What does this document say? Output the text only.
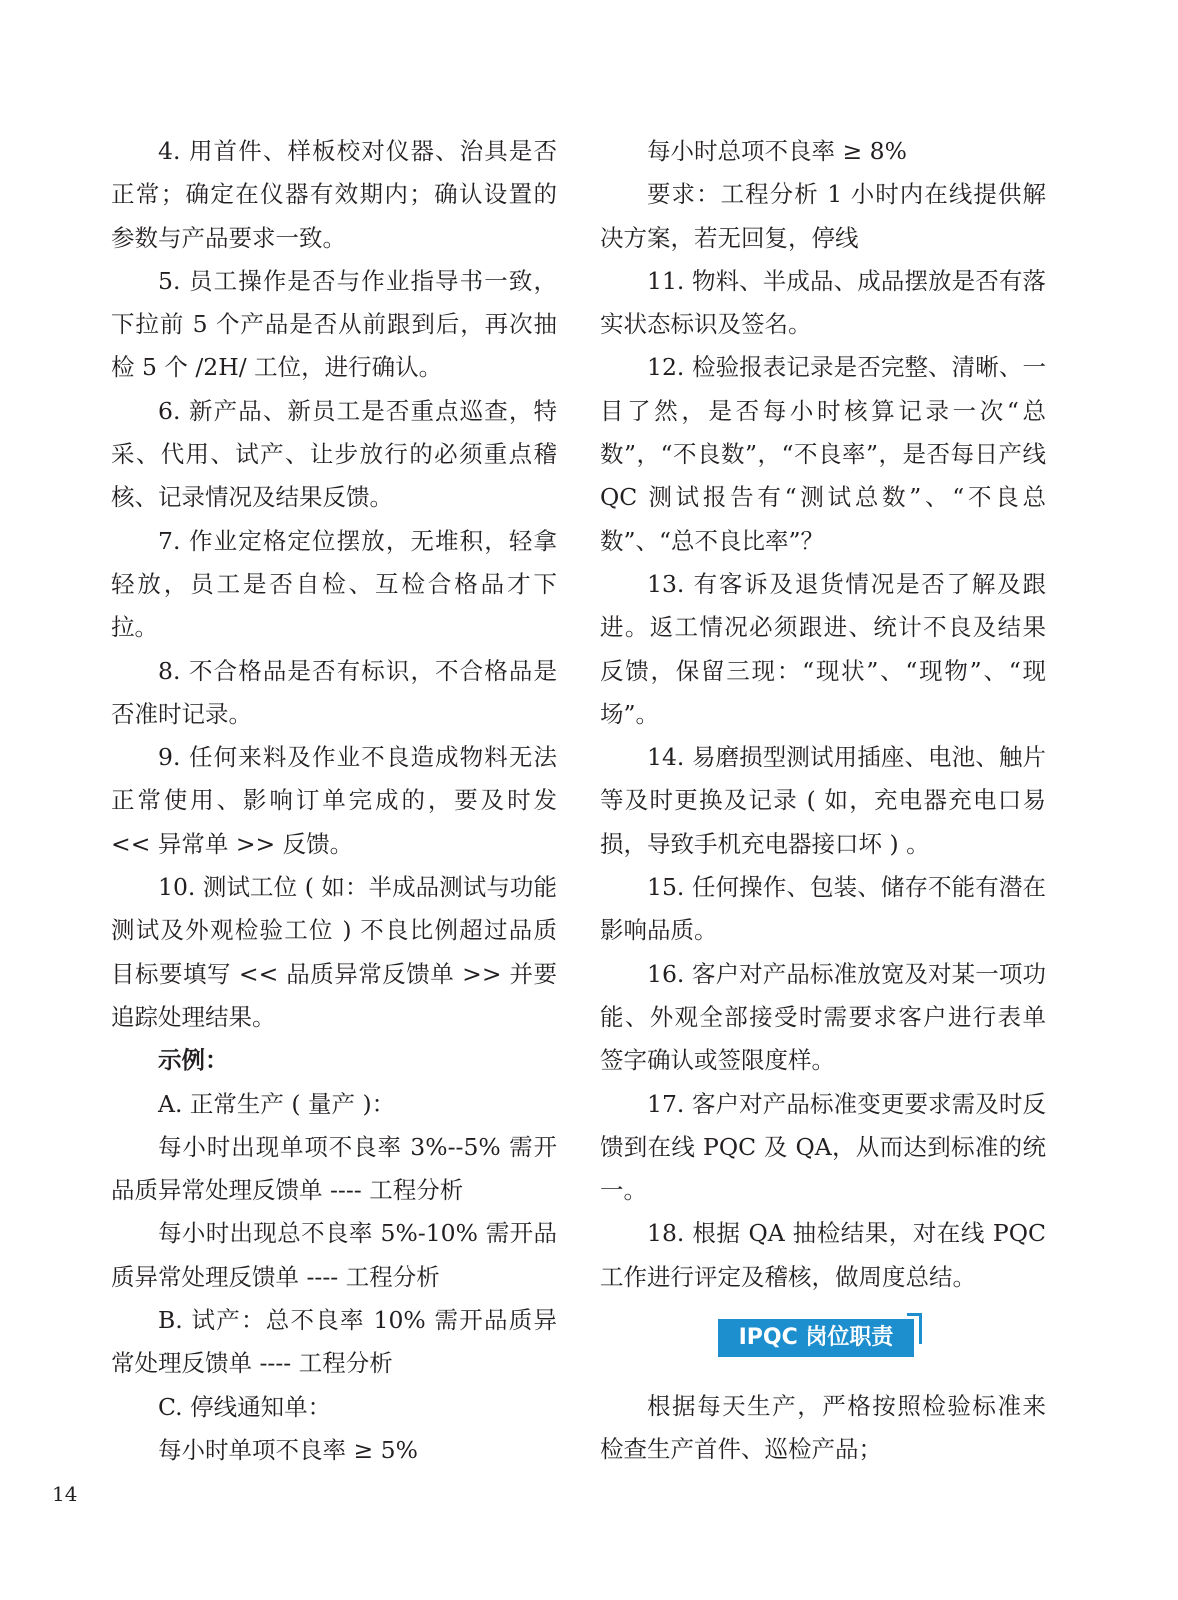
4. 用首件、样板校对仪器、治具是否正常；确定在仪器有效期内；确认设置的参数与产品要求一致。

5. 员工操作是否与作业指导书一致，下拉前 5 个产品是否从前跟到后，再次抽检 5 个 /2H/ 工位，进行确认。

6. 新产品、新员工是否重点巡查，特采、代用、试产、让步放行的必须重点稽核、记录情况及结果反馈。

7. 作业定格定位摆放，无堆积，轻拿轻放，员工是否自检、互检合格品才下拉。

8. 不合格品是否有标识，不合格品是否准时记录。

9. 任何来料及作业不良造成物料无法正常使用、影响订单完成的，要及时发 << 异常单 >> 反馈。

10. 测试工位 ( 如：半成品测试与功能测试及外观检验工位 ) 不良比例超过品质目标要填写 << 品质异常反馈单 >> 并要追踪处理结果。

示例：

A. 正常生产 ( 量产 )：

每小时出现单项不良率 3%--5% 需开品质异常处理反馈单 ---- 工程分析

每小时出现总不良率 5%-10% 需开品质异常处理反馈单 ---- 工程分析

B. 试产：总不良率 10% 需开品质异常处理反馈单 ---- 工程分析

C. 停线通知单：

每小时单项不良率 ≥ 5%

每小时总项不良率 ≥ 8%

要求：工程分析 1 小时内在线提供解决方案，若无回复，停线

11. 物料、半成品、成品摆放是否有落实状态标识及签名。

12. 检验报表记录是否完整、清晰、一目了然，是否每小时核算记录一次“总数”，“不良数”，“不良率”，是否每日产线 QC 测试报告有“测试总数”、“不良总数”、“总不良比率”？

13. 有客诉及退货情况是否了解及跟进。返工情况必须跟进、统计不良及结果反馈，保留三现：“现状”、“现物”、“现场”。

14. 易磨损型测试用插座、电池、触片等及时更换及记录 ( 如，充电器充电口易损，导致手机充电器接口坏 ) 。

15. 任何操作、包装、储存不能有潜在影响品质。

16. 客户对产品标准放宽及对某一项功能、外观全部接受时需要求客户进行表单签字确认或签限度样。

17. 客户对产品标准变更要求需及时反馈到在线 PQC 及 QA，从而达到标准的统一。

18. 根据 QA 抽检结果，对在线 PQC 工作进行评定及稽核，做周度总结。

IPQC 岗位职责

根据每天生产，严格按照检验标准来检查生产首件、巡检产品；

14
